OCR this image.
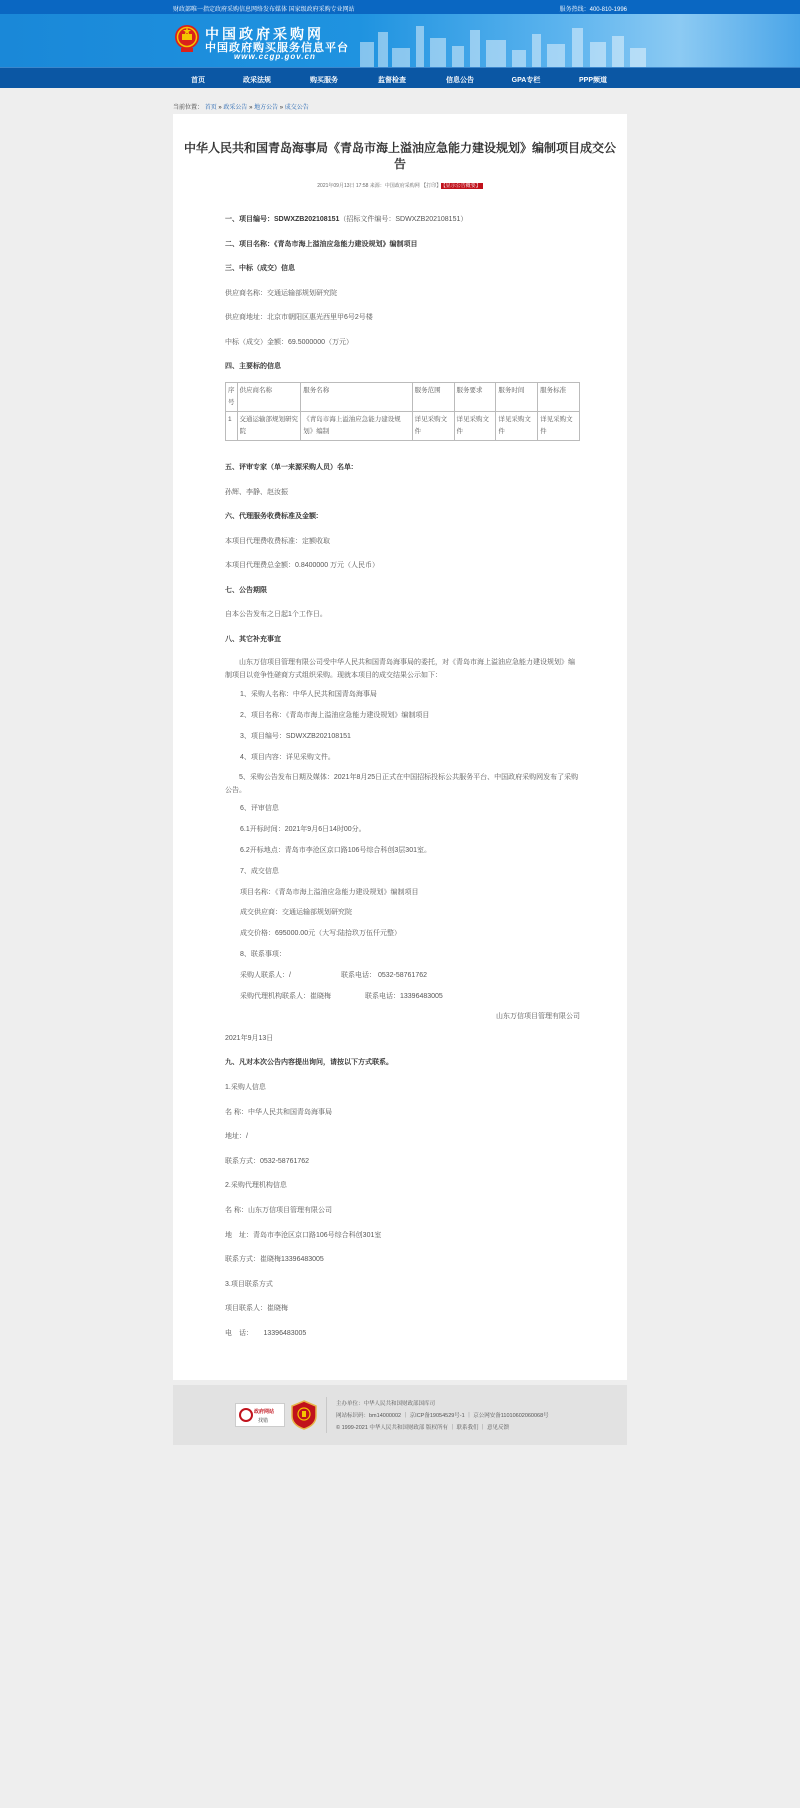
财政部唯一指定政府采购信息网络发布媒体 国家级政府采购专业网站	服务热线：400-810-1996
中国政府采购网
中国政府购买服务信息平台
www.ccgp.gov.cn
首页	政采法规	购买服务	监督检查	信息公告	GPA专栏	PPP频道
当前位置： 首页 » 政采公告 » 地方公告 » 成交公告
中华人民共和国青岛海事局《青岛市海上溢油应急能力建设规划》编制项目成交公告
2021年09月13日 17:58 来源：中国政府采购网 【打印】 【显示公告概要】
一、项目编号：SDWXZB202108151（招标文件编号：SDWXZB202108151）
二、项目名称：《青岛市海上溢油应急能力建设规划》编制项目
三、中标（成交）信息
供应商名称：交通运输部规划研究院
供应商地址：北京市朝阳区惠光西里甲6号2号楼
中标（成交）金额：69.5000000（万元）
四、主要标的信息
序号	供应商名称	服务名称	服务范围	服务要求	服务时间	服务标准
1	交通运输部规划研究院	《青岛市海上溢油应急能力建设规划》编制	详见采购文件	详见采购文件	详见采购文件	详见采购文件
五、评审专家（单一来源采购人员）名单:
孙辉、李静、赵汝振
六、代理服务收费标准及金额:
本项目代理费收费标准：定额收取
本项目代理费总金额：0.8400000 万元（人民币）
七、公告期限
自本公告发布之日起1个工作日。
八、其它补充事宜
山东万信项目管理有限公司受中华人民共和国青岛海事局的委托，对《青岛市海上溢油应急能力建设规划》编制项目以竞争性磋商方式组织采购。现就本项目的成交结果公示如下：
1、采购人名称：中华人民共和国青岛海事局
2、项目名称：《青岛市海上溢油应急能力建设规划》编制项目
3、项目编号：SDWXZB202108151
4、项目内容：详见采购文件。
5、采购公告发布日期及媒体：2021年8月25日正式在中国招标投标公共服务平台、中国政府采购网发布了采购公告。
6、评审信息
6.1开标时间：2021年9月6日14时00分。
6.2开标地点：青岛市李沧区京口路106号综合科创3层301室。
7、成交信息
项目名称：《青岛市海上溢油应急能力建设规划》编制项目
成交供应商：交通运输部规划研究院
成交价格：695000.00元（大写:陆拾玖万伍仟元整）
8、联系事项：
采购人联系人：/	联系电话： 0532-58761762
采购代理机构联系人：崔晓梅	联系电话：13396483005
山东万信项目管理有限公司
2021年9月13日
九、凡对本次公告内容提出询问，请按以下方式联系。
1.采购人信息
名 称：中华人民共和国青岛海事局
地址：/
联系方式：0532-58761762
2.采购代理机构信息
名 称：山东万信项目管理有限公司
地　址：青岛市李沧区京口路106号综合科创301室
联系方式：崔晓梅13396483005
3.项目联系方式
项目联系人：崔晓梅
电　话：　　13396483005
政府网站
找错
主办单位：中华人民共和国财政部国库司
网站标识码：bm14000002 ｜ 京ICP备19054529号-1 ｜ 京公网安备11010602060068号
© 1999-2021 中华人民共和国财政部 版权所有 ｜ 联系我们 ｜ 意见反馈
